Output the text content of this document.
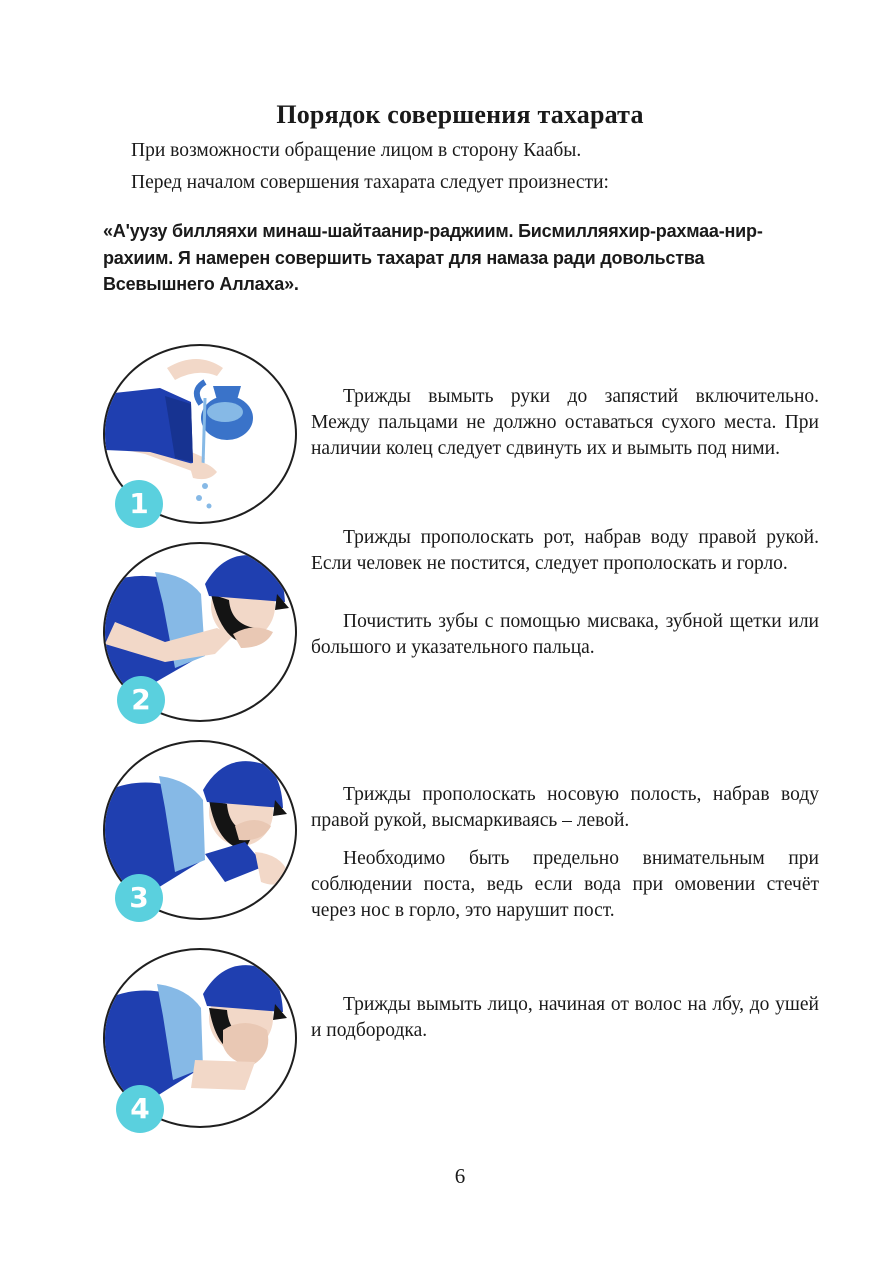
Порядок совершения тахарата
При возможности обращение лицом в сторону Каабы.
Перед началом совершения тахарата следует произнести:
«А'уузу билляяхи минаш-шайтаанир-раджиим. Бисмилляяхир-рахмаа-нир-рахиим. Я намерен совершить тахарат для намаза ради довольства Всевышнего Аллаха».
1
Трижды вымыть руки до запястий включительно. Между пальцами не должно оставаться сухого места. При наличии колец следует сдвинуть их и вымыть под ними.
2
Трижды прополоскать рот, набрав воду правой рукой. Если человек не постится, следует прополоскать и горло.
Почистить зубы с помощью мисвака, зубной щетки или большого и указательного пальца.
3
Трижды прополоскать носовую полость, набрав воду правой рукой, высмаркиваясь – левой.
Необходимо быть предельно внимательным при соблюдении поста, ведь если вода при омовении стечёт через нос в горло, это нарушит пост.
4
Трижды вымыть лицо, начиная от волос на лбу, до ушей и подбородка.
6
